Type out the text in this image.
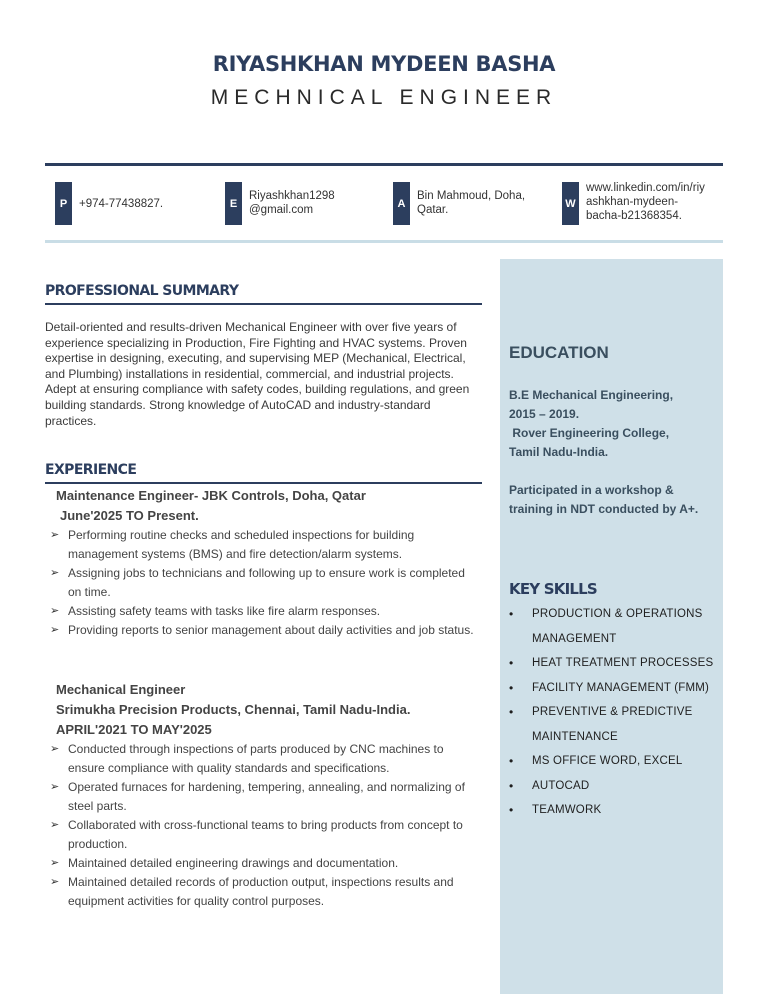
RIYASHKHAN MYDEEN BASHA
MECHNICAL ENGINEER
P	+974-77438827.	E
Riyashkhan1298
@gmail.com
A
Bin Mahmoud, Doha,
Qatar.
W
www.linkedin.com/in/riy
ashkhan-mydeen-
bacha-b21368354.
PROFESSIONAL SUMMARY
Detail-oriented and results-driven Mechanical Engineer with over five years of experience specializing in Production, Fire Fighting and HVAC systems. Proven expertise in designing, executing, and supervising MEP (Mechanical, Electrical, and Plumbing) installations in residential, commercial, and industrial projects. Adept at ensuring compliance with safety codes, building regulations, and green building standards. Strong knowledge of AutoCAD and industry-standard practices.
EXPERIENCE
Maintenance Engineer- JBK Controls, Doha, Qatar
June'2025 TO Present.
➢ Performing routine checks and scheduled inspections for building management systems (BMS) and fire detection/alarm systems.
➢ Assigning jobs to technicians and following up to ensure work is completed on time.
➢ Assisting safety teams with tasks like fire alarm responses.
➢ Providing reports to senior management about daily activities and job status.
Mechanical Engineer
Srimukha Precision Products, Chennai, Tamil Nadu-India.
APRIL'2021 TO MAY'2025
➢ Conducted through inspections of parts produced by CNC machines to ensure compliance with quality standards and specifications.
➢ Operated furnaces for hardening, tempering, annealing, and normalizing of steel parts.
➢ Collaborated with cross-functional teams to bring products from concept to production.
➢ Maintained detailed engineering drawings and documentation.
➢ Maintained detailed records of production output, inspections results and equipment activities for quality control purposes.
EDUCATION
B.E Mechanical Engineering,
2015 – 2019.
Rover Engineering College,
Tamil Nadu-India.
Participated in a workshop & training in NDT conducted by A+.
KEY SKILLS
• PRODUCTION & OPERATIONS MANAGEMENT
• HEAT TREATMENT PROCESSES
• FACILITY MANAGEMENT (FMM)
• PREVENTIVE & PREDICTIVE MAINTENANCE
• MS OFFICE WORD, EXCEL
• AUTOCAD
• TEAMWORK
